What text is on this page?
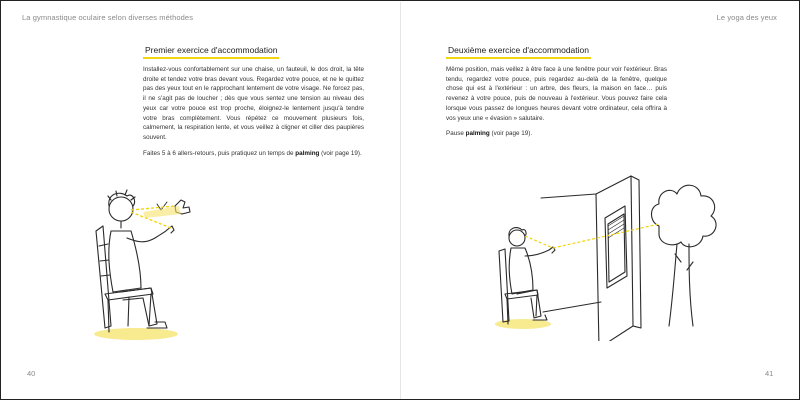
La gymnastique oculaire selon diverses méthodes	Le yoga des yeux
Premier exercice d'accommodation

Installez-vous confortablement sur une chaise, un fauteuil, le dos droit, la tête droite et tendez votre bras devant vous. Regardez votre pouce, et ne le quittez pas des yeux tout en le rapprochant lentement de votre visage. Ne forcez pas, il ne s'agit pas de loucher ; dès que vous sentez une tension au niveau des yeux car votre pouce est trop proche, éloignez-le lentement jusqu'à tendre votre bras complètement. Vous répétez ce mouvement plusieurs fois, calmement, la respiration lente, et vous veillez à cligner et ciller des paupières souvent.

Faites 5 à 6 allers-retours, puis pratiquez un temps de palming (voir page 19).

40
Deuxième exercice d'accommodation

Même position, mais veillez à être face à une fenêtre pour voir l'extérieur. Bras tendu, regardez votre pouce, puis regardez au-delà de la fenêtre, quelque chose qui est à l'extérieur : un arbre, des fleurs, la maison en face… puis revenez à votre pouce, puis de nouveau à l'extérieur. Vous pouvez faire cela lorsque vous passez de longues heures devant votre ordinateur, cela offrira à vos yeux une « évasion » salutaire.

Pause palming (voir page 19).

41
